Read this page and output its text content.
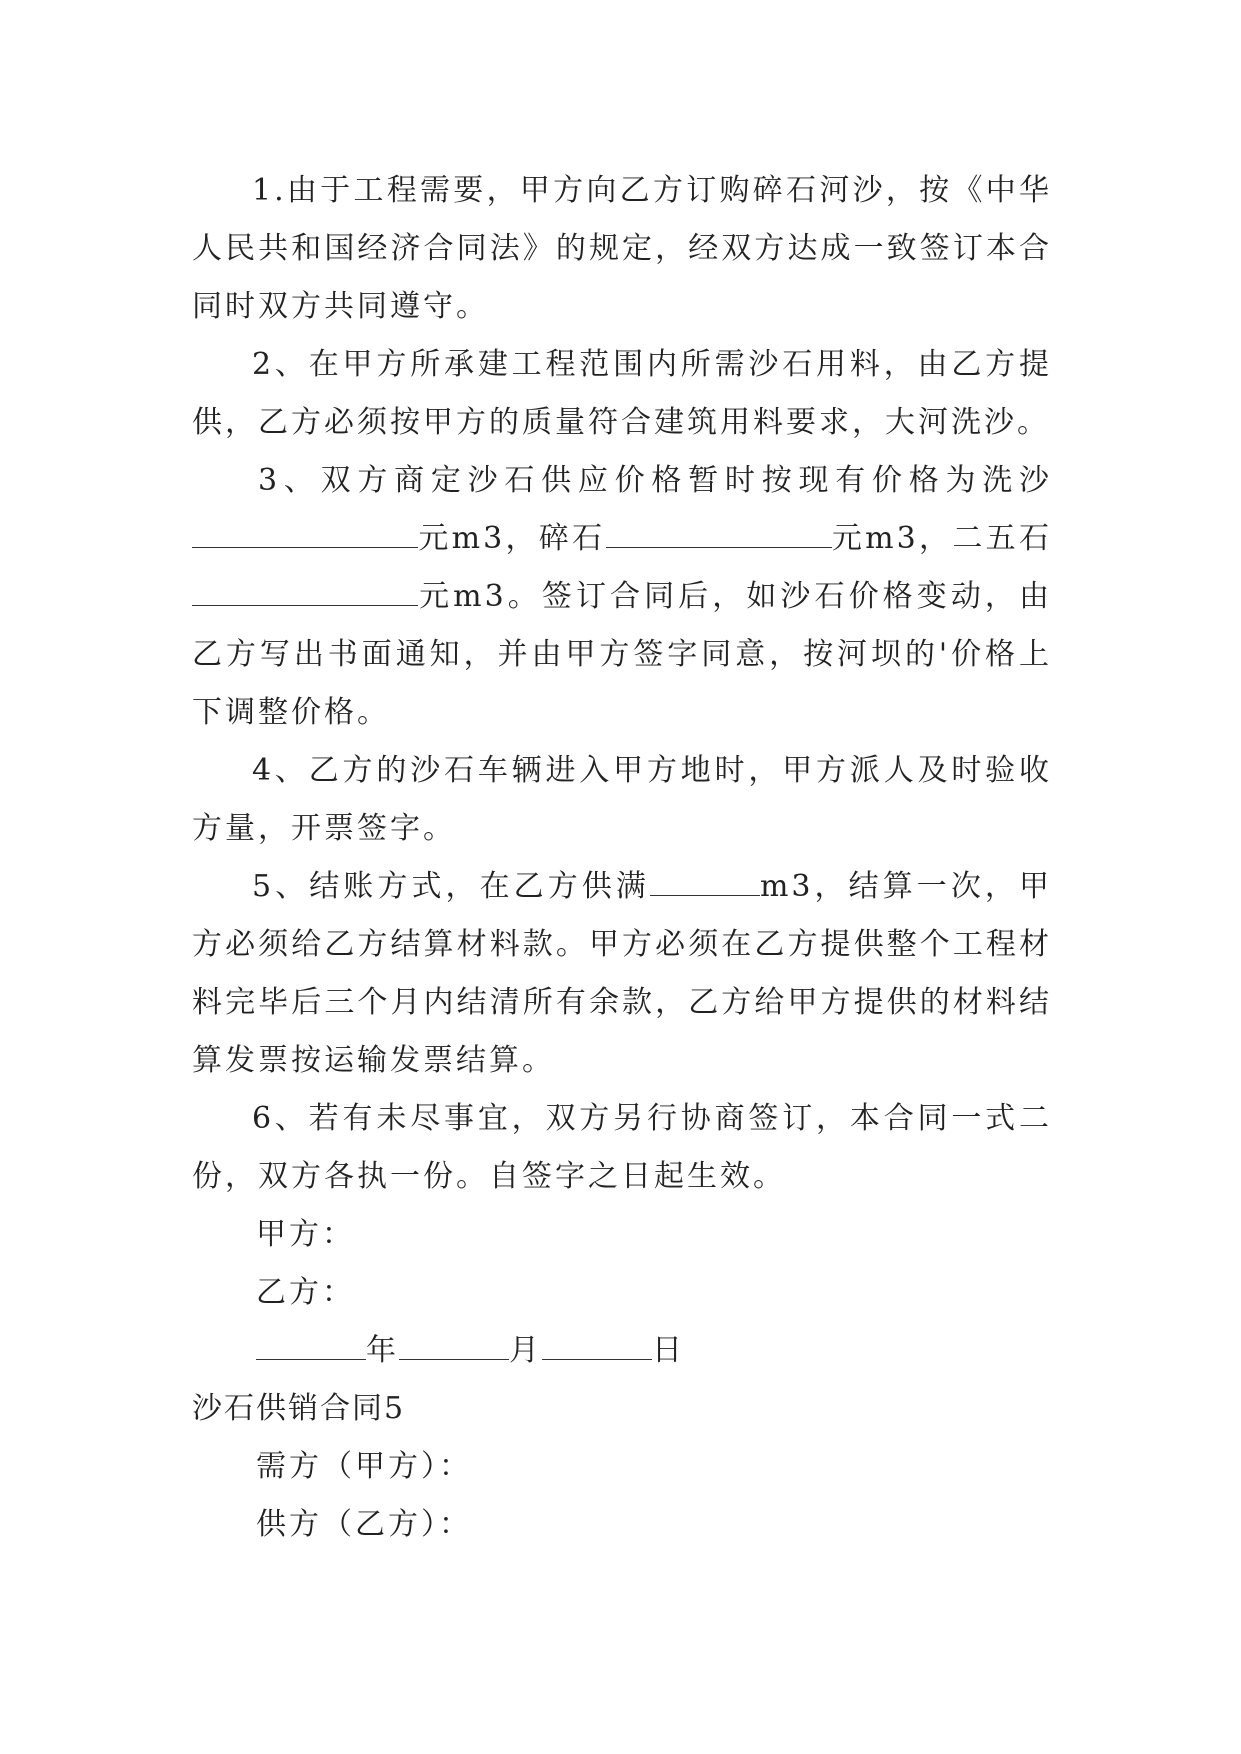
1.由于工程需要，甲方向乙方订购碎石河沙，按《中华人民共和国经济合同法》的规定，经双方达成一致签订本合同时双方共同遵守。

2、在甲方所承建工程范围内所需沙石用料，由乙方提供，乙方必须按甲方的质量符合建筑用料要求，大河洗沙。

3、双方商定沙石供应价格暂时按现有价格为洗沙元m3，碎石	元m3，二五石元m3。签订合同后，如沙石价格变动，由乙方写出书面通知，并由甲方签字同意，按河坝的'价格上下调整价格。

4、乙方的沙石车辆进入甲方地时，甲方派人及时验收方量，开票签字。

5、结账方式，在乙方供满	m3，结算一次，甲方必须给乙方结算材料款。甲方必须在乙方提供整个工程材料完毕后三个月内结清所有余款，乙方给甲方提供的材料结算发票按运输发票结算。

6、若有未尽事宜，双方另行协商签订，本合同一式二份，双方各执一份。自签字之日起生效。

甲方：

乙方：

年	月	日

沙石供销合同5

需方（甲方）：

供方（乙方）：
